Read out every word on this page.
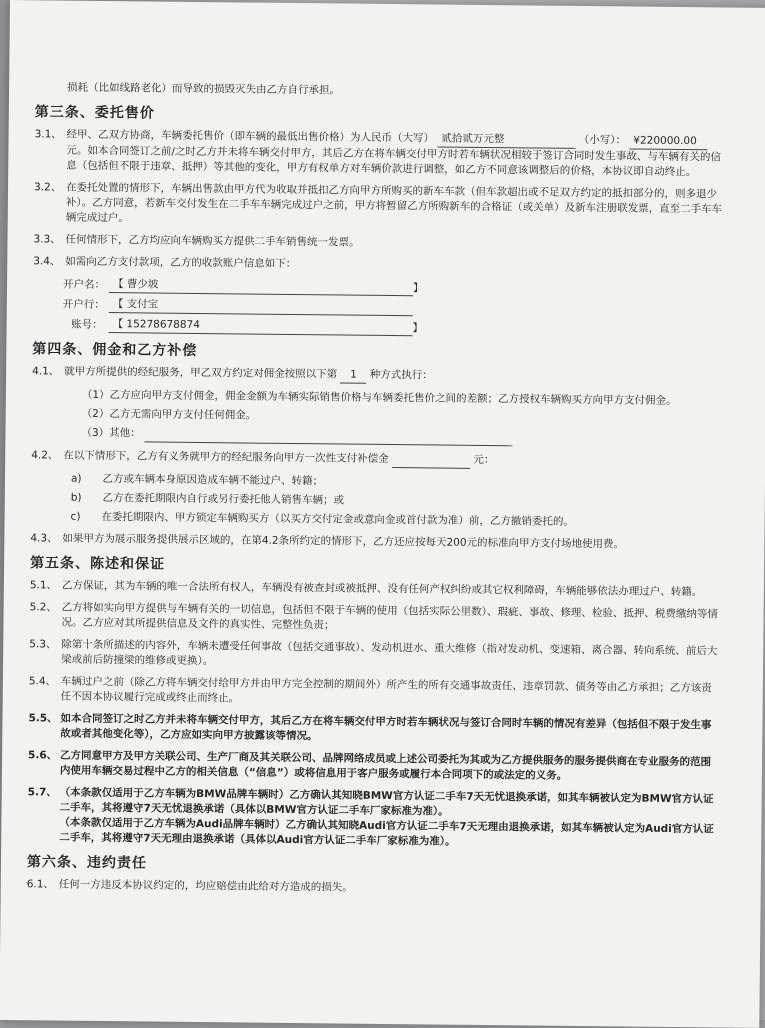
损耗（比如线路老化）而导致的损毁灭失由乙方自行承担。
第三条、委托售价
3.1、 经甲、乙双方协商，车辆委托售价（即车辆的最低出售价格）为人民币（大写） 贰拾贰万元整	（小写）： ¥220000.00 元。如本合同签订之前/之时乙方并未将车辆交付甲方，其后乙方在将车辆交付甲方时若车辆状况相较于签订合同时发生事故、与车辆有关的信息（包括但不限于违章、抵押）等其他的变化，甲方有权单方对车辆价款进行调整，如乙方不同意该调整后的价格，本协议即自动终止。
3.2、 在委托处置的情形下，车辆出售款由甲方代为收取并抵扣乙方向甲方所购买的新车车款（但车款超出或不足双方约定的抵扣部分的，则多退少补）。乙方同意，若新车交付发生在二手车车辆完成过户之前，甲方将暂留乙方所购新车的合格证（或关单）及新车注册联发票，直至二手车车辆完成过户。
3.3、 任何情形下，乙方均应向车辆购买方提供二手车销售统一发票。
3.4、 如需向乙方支付款项，乙方的收款账户信息如下：
开户名： 【 曹少坡	】
开户行： 【 支付宝
账号： 【 15278678874	】
第四条、佣金和乙方补偿
4.1、 就甲方所提供的经纪服务，甲乙双方约定对佣金按照以下第 1 种方式执行：
（1）乙方应向甲方支付佣金，佣金金额为车辆实际销售价格与车辆委托售价之间的差额；乙方授权车辆购买方向甲方支付佣金。
（2）乙方无需向甲方支付任何佣金。
（3）其他：
4.2、 在以下情形下，乙方有义务就甲方的经纪服务向甲方一次性支付补偿金	元：
a)　　乙方或车辆本身原因造成车辆不能过户、转籍；
b)　　乙方在委托期限内自行或另行委托他人销售车辆；或
c)　　在委托期限内、甲方锁定车辆购买方（以买方交付定金或意向金或首付款为准）前，乙方撤销委托的。
4.3、 如果甲方为展示服务提供展示区域的，在第4.2条所约定的情形下，乙方还应按每天200元的标准向甲方支付场地使用费。
第五条、陈述和保证
5.1、 乙方保证，其为车辆的唯一合法所有权人，车辆没有被查封或被抵押、没有任何产权纠纷或其它权利障碍，车辆能够依法办理过户、转籍。
5.2、 乙方将如实向甲方提供与车辆有关的一切信息，包括但不限于车辆的使用（包括实际公里数）、瑕疵、事故、修理、检验、抵押、税费缴纳等情况。乙方应对其所提供信息及文件的真实性、完整性负责；
5.3、 除第十条所描述的内容外，车辆未遭受任何事故（包括交通事故）、发动机进水、重大维修（指对发动机、变速箱、离合器、转向系统、前后大梁或前后防撞梁的维修或更换）。
5.4、 车辆过户之前（除乙方将车辆交付给甲方并由甲方完全控制的期间外）所产生的所有交通事故责任、违章罚款、债务等由乙方承担；乙方该责任不因本协议履行完成或终止而终止。
5.5、 如本合同签订之时乙方并未将车辆交付甲方，其后乙方在将车辆交付甲方时若车辆状况与签订合同时车辆的情况有差异（包括但不限于发生事故或者其他变化等），乙方应如实向甲方披露该等情况。
5.6、 乙方同意甲方及甲方关联公司、生产厂商及其关联公司、品牌网络成员或上述公司委托为其或为乙方提供服务的服务提供商在专业服务的范围内使用车辆交易过程中乙方的相关信息（“信息”）或将信息用于客户服务或履行本合同项下的或法定的义务。
5.7、 （本条款仅适用于乙方车辆为BMW品牌车辆时）乙方确认其知晓BMW官方认证二手车7天无忧退换承诺，如其车辆被认定为BMW官方认证二手车，其将遵守7天无忧退换承诺（具体以BMW官方认证二手车厂家标准为准）。
（本条款仅适用于乙方车辆为Audi品牌车辆时）乙方确认其知晓Audi官方认证二手车7天无理由退换承诺，如其车辆被认定为Audi官方认证二手车，其将遵守7天无理由退换承诺（具体以Audi官方认证二手车厂家标准为准）。
第六条、违约责任
6.1、 任何一方违反本协议约定的，均应赔偿由此给对方造成的损失。
